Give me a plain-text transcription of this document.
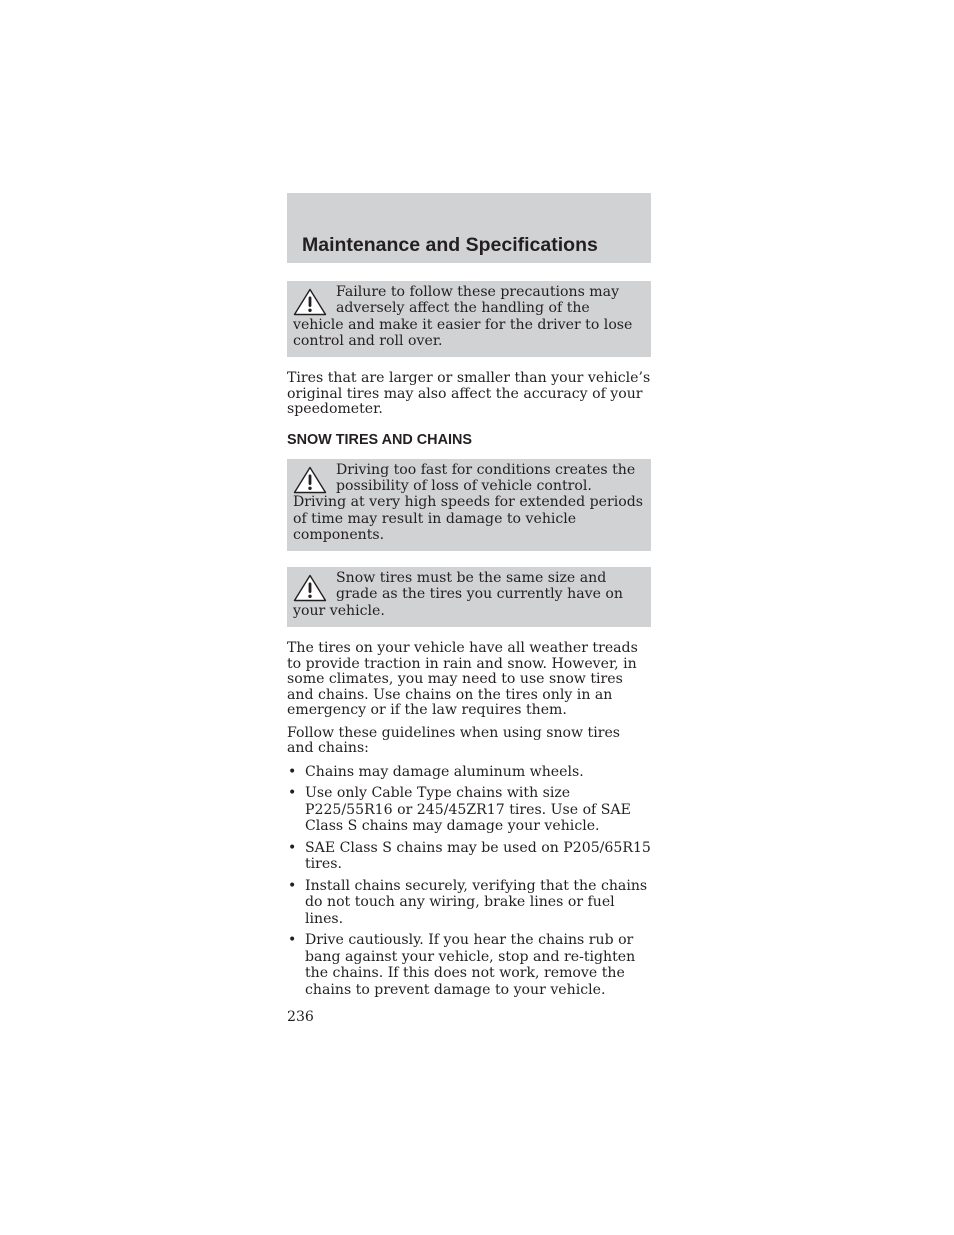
Maintenance and Specifications

Failure to follow these precautions may adversely affect the handling of the vehicle and make it easier for the driver to lose control and roll over.

Tires that are larger or smaller than your vehicle’s original tires may also affect the accuracy of your speedometer.

SNOW TIRES AND CHAINS

Driving too fast for conditions creates the possibility of loss of vehicle control. Driving at very high speeds for extended periods of time may result in damage to vehicle components.

Snow tires must be the same size and grade as the tires you currently have on your vehicle.

The tires on your vehicle have all weather treads to provide traction in rain and snow. However, in some climates, you may need to use snow tires and chains. Use chains on the tires only in an emergency or if the law requires them.

Follow these guidelines when using snow tires and chains:

• Chains may damage aluminum wheels.
• Use only Cable Type chains with size P225/55R16 or 245/45ZR17 tires. Use of SAE Class S chains may damage your vehicle.
• SAE Class S chains may be used on P205/65R15 tires.
• Install chains securely, verifying that the chains do not touch any wiring, brake lines or fuel lines.
• Drive cautiously. If you hear the chains rub or bang against your vehicle, stop and re-tighten the chains. If this does not work, remove the chains to prevent damage to your vehicle.

236
